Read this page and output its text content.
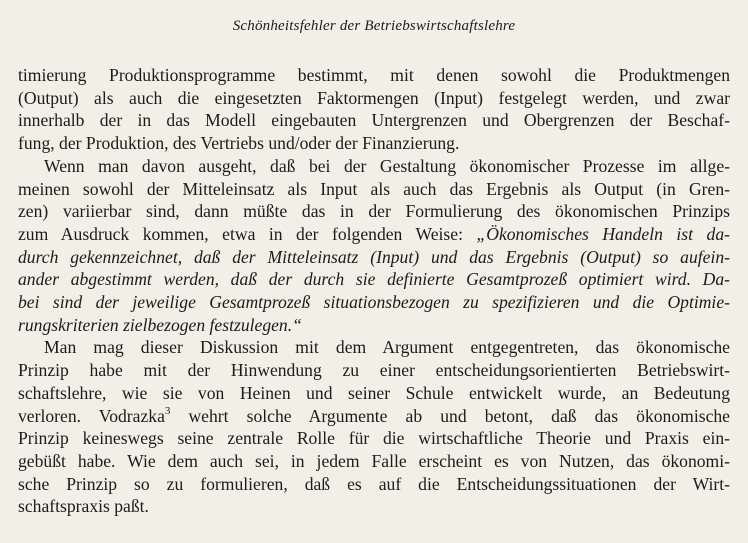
Schönheitsfehler der Betriebswirtschaftslehre
timierung Produktionsprogramme bestimmt, mit denen sowohl die Produktmengen
(Output) als auch die eingesetzten Faktormengen (Input) festgelegt werden, und zwar
innerhalb der in das Modell eingebauten Untergrenzen und Obergrenzen der Beschaf-
fung, der Produktion, des Vertriebs und/oder der Finanzierung.
Wenn man davon ausgeht, daß bei der Gestaltung ökonomischer Prozesse im allge-
meinen sowohl der Mitteleinsatz als Input als auch das Ergebnis als Output (in Gren-
zen) variierbar sind, dann müßte das in der Formulierung des ökonomischen Prinzips
zum Ausdruck kommen, etwa in der folgenden Weise: „Ökonomisches Handeln ist da-
durch gekennzeichnet, daß der Mitteleinsatz (Input) und das Ergebnis (Output) so aufein-
ander abgestimmt werden, daß der durch sie definierte Gesamtprozeß optimiert wird. Da-
bei sind der jeweilige Gesamtprozeß situationsbezogen zu spezifizieren und die Optimie-
rungskriterien zielbezogen festzulegen.“
Man mag dieser Diskussion mit dem Argument entgegentreten, das ökonomische
Prinzip habe mit der Hinwendung zu einer entscheidungsorientierten Betriebswirt-
schaftslehre, wie sie von Heinen und seiner Schule entwickelt wurde, an Bedeutung
verloren. Vodrazka$^3$ wehrt solche Argumente ab und betont, daß das ökonomische
Prinzip keineswegs seine zentrale Rolle für die wirtschaftliche Theorie und Praxis ein-
gebüßt habe. Wie dem auch sei, in jedem Falle erscheint es von Nutzen, das ökonomi-
sche Prinzip so zu formulieren, daß es auf die Entscheidungssituationen der Wirt-
schaftspraxis paßt.
